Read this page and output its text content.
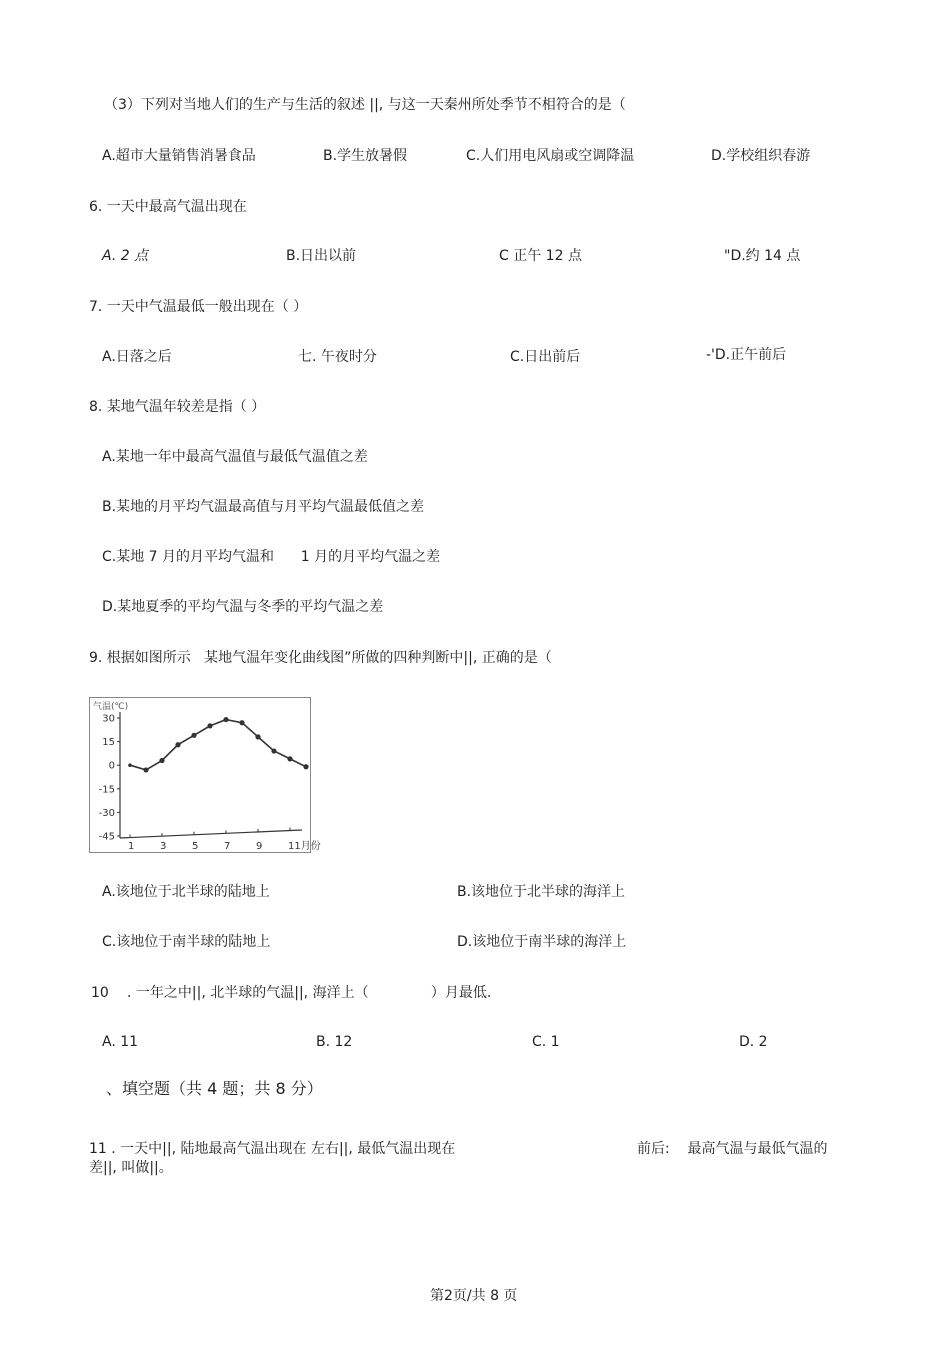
（3）下列对当地人们的生产与生活的叙述 ||, 与这一天秦州所处季节不相符合的是（
A.超市大量销售消暑食品	B.学生放暑假	C.人们用电风扇或空调降温	D.学校组织春游
6. 一天中最高气温出现在
A. 2 点	B.日出以前	C 正午 12 点	"D.约 14 点
7. 一天中气温最低一般出现在（ ）
A.日落之后	七. 午夜时分	C.日出前后	-'D.正午前后
8. 某地气温年较差是指（ ）
A.某地一年中最高气温值与最低气温值之差
B.某地的月平均气温最高值与月平均气温最低值之差
C.某地 7 月的月平均气温和      1 月的月平均气温之差
D.某地夏季的平均气温与冬季的平均气温之差
9. 根据如图所示   某地气温年变化曲线图”所做的四种判断中||, 正确的是（
气温(℃)
30
15
0
-15
-30
-45
1	3	5	7	9	11月份
A.该地位于北半球的陆地上	B.该地位于北半球的海洋上
C.该地位于南半球的陆地上	D.该地位于南半球的海洋上
10 . 一年之中||, 北半球的气温||, 海洋上（              ）月最低.
A. 11	B. 12	C. 1	D. 2
、填空题（共 4 题；共 8 分）
11 . 一天中||, 陆地最高气温出现在 左右||, 最低气温出现在	前后:    最高气温与最低气温的
差||, 叫做||。
第2页/共 8 页
